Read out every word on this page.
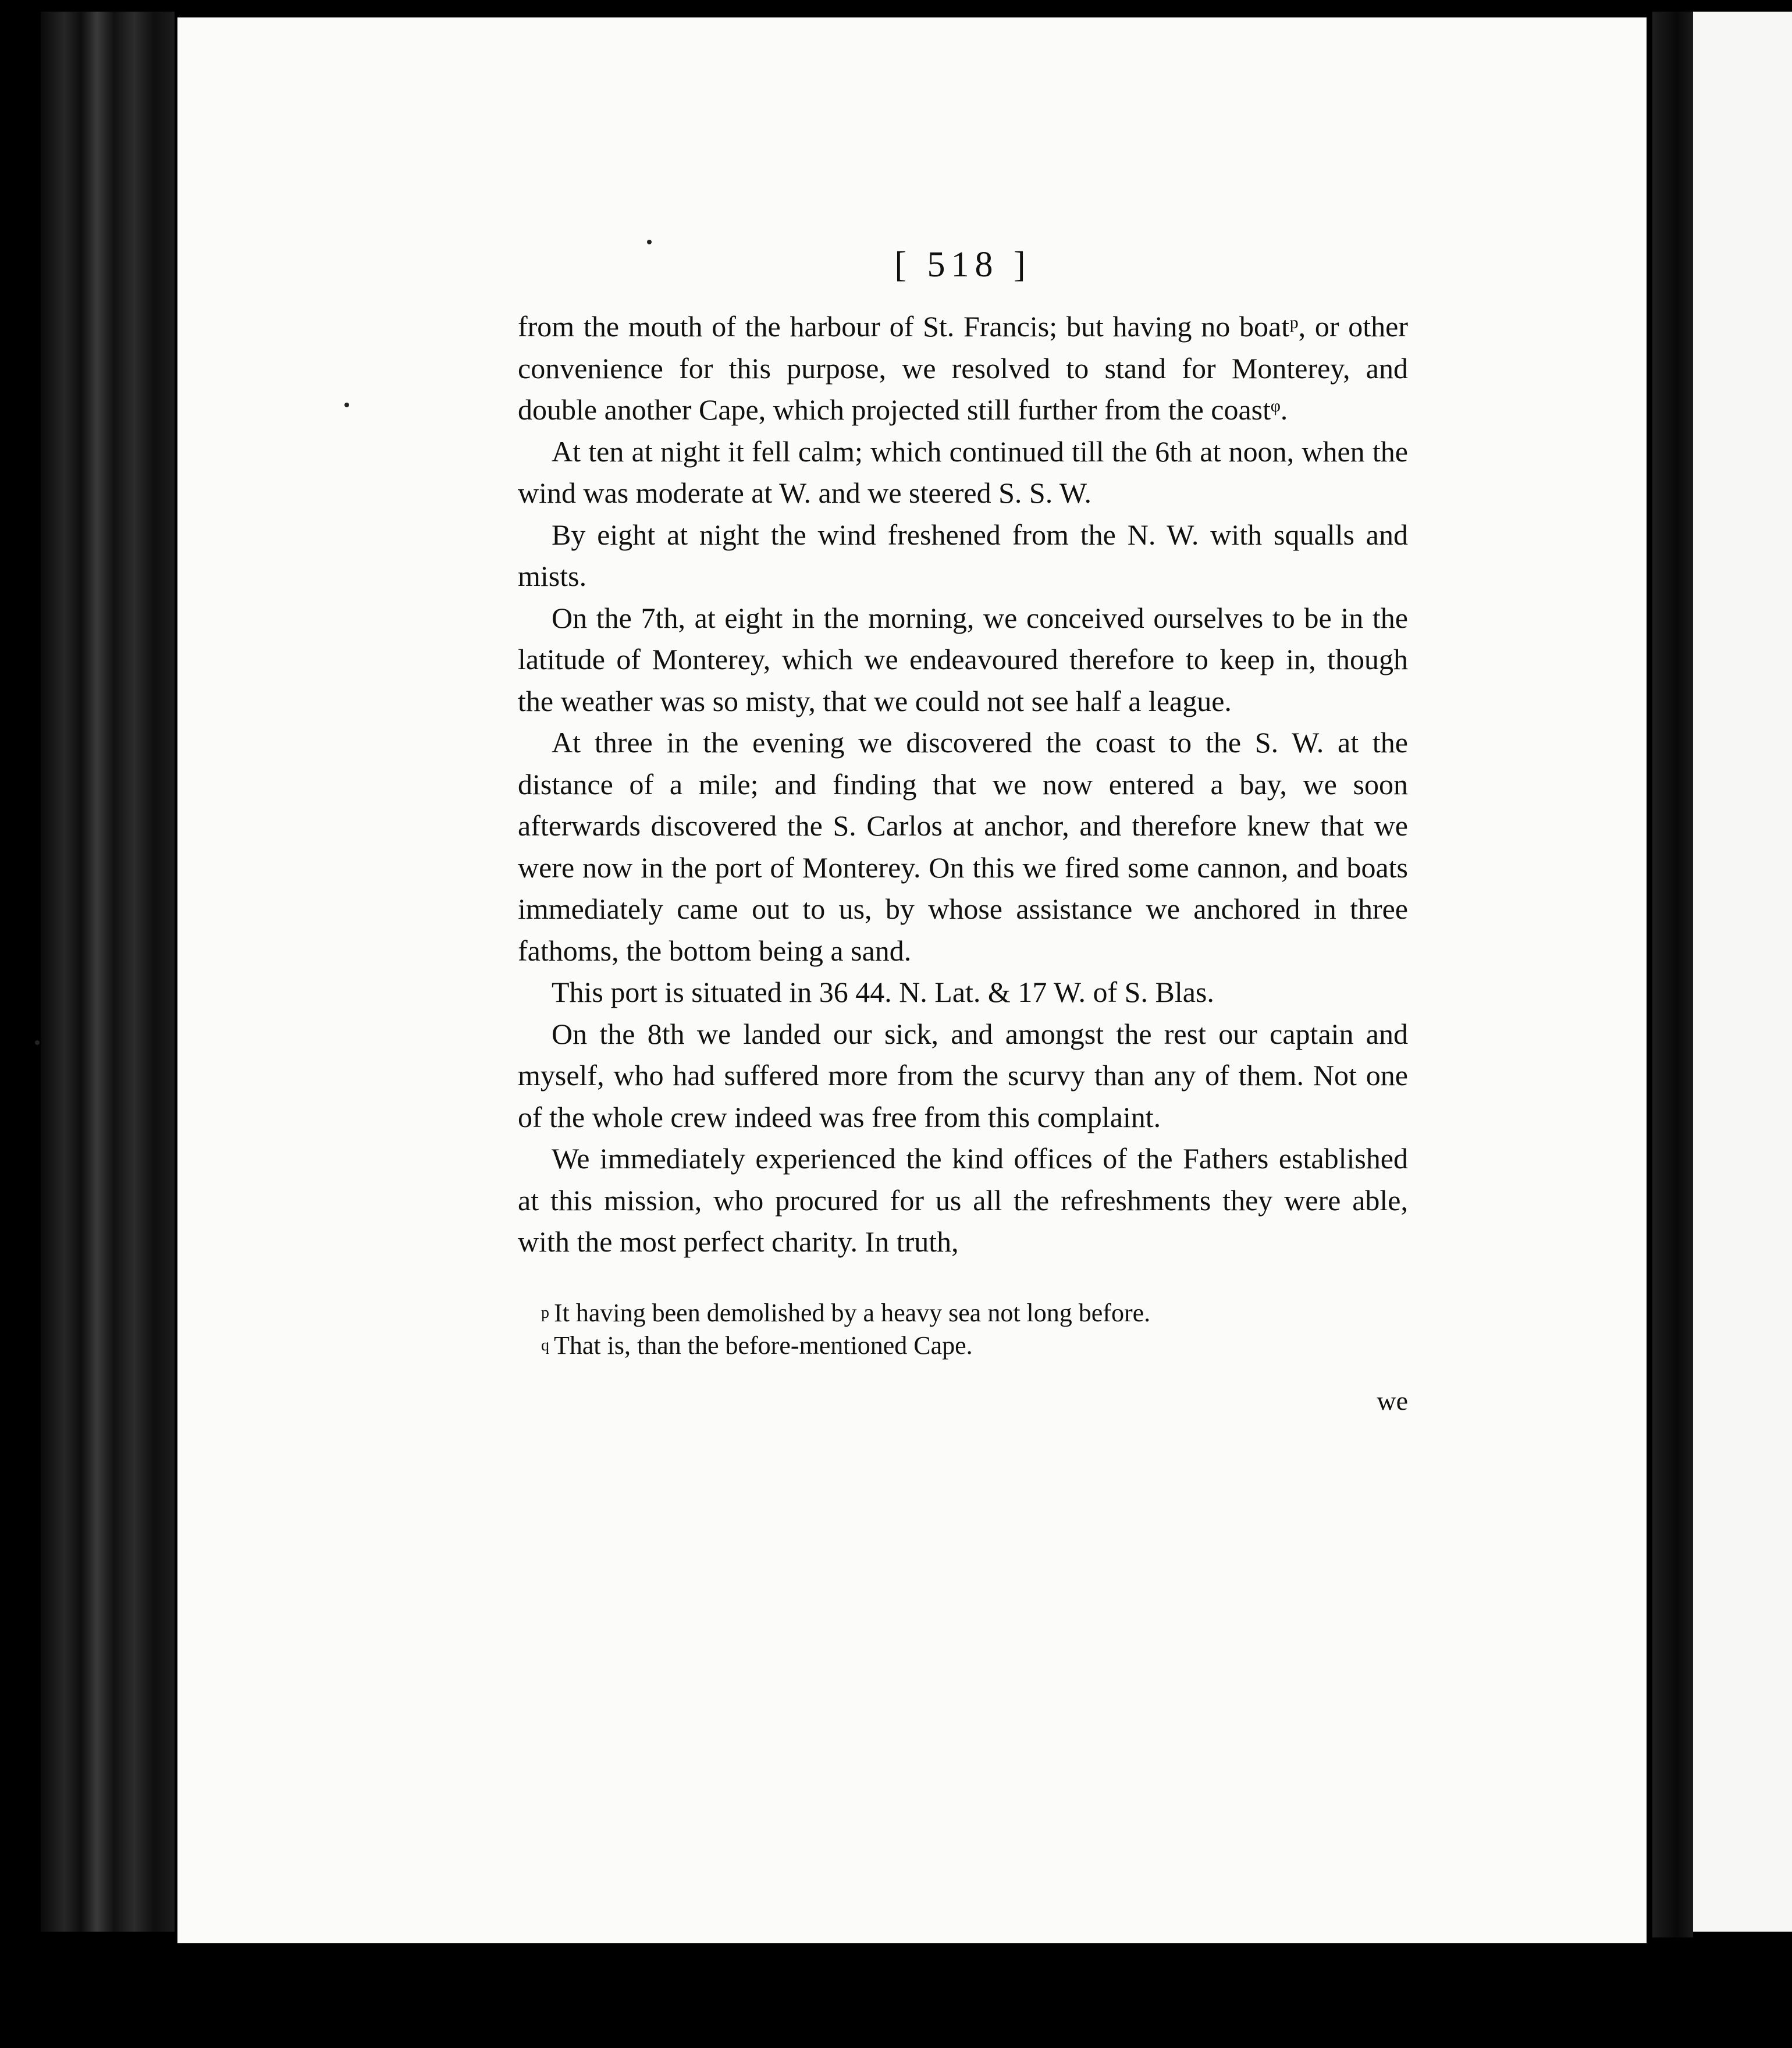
[ 518 ]

from the mouth of the harbour of St. Francis; but having no boatᵖ, or other convenience for this purpose, we resolved to stand for Monterey, and double another Cape, which projected still further from the coastᵠ.

At ten at night it fell calm; which continued till the 6th at noon, when the wind was moderate at W. and we steered S. S. W.

By eight at night the wind freshened from the N. W. with squalls and mists.

On the 7th, at eight in the morning, we conceived ourselves to be in the latitude of Monterey, which we endeavoured therefore to keep in, though the weather was so misty, that we could not see half a league.

At three in the evening we discovered the coast to the S. W. at the distance of a mile; and finding that we now entered a bay, we soon afterwards discovered the S. Carlos at anchor, and therefore knew that we were now in the port of Monterey. On this we fired some cannon, and boats immediately came out to us, by whose assistance we anchored in three fathoms, the bottom being a sand.

This port is situated in 36 44. N. Lat. & 17 W. of S. Blas.

On the 8th we landed our sick, and amongst the rest our captain and myself, who had suffered more from the scurvy than any of them. Not one of the whole crew indeed was free from this complaint.

We immediately experienced the kind offices of the Fathers established at this mission, who procured for us all the refreshments they were able, with the most perfect charity. In truth,

$^p$ It having been demolished by a heavy sea not long before.
$^q$ That is, than the before-mentioned Cape.
we
